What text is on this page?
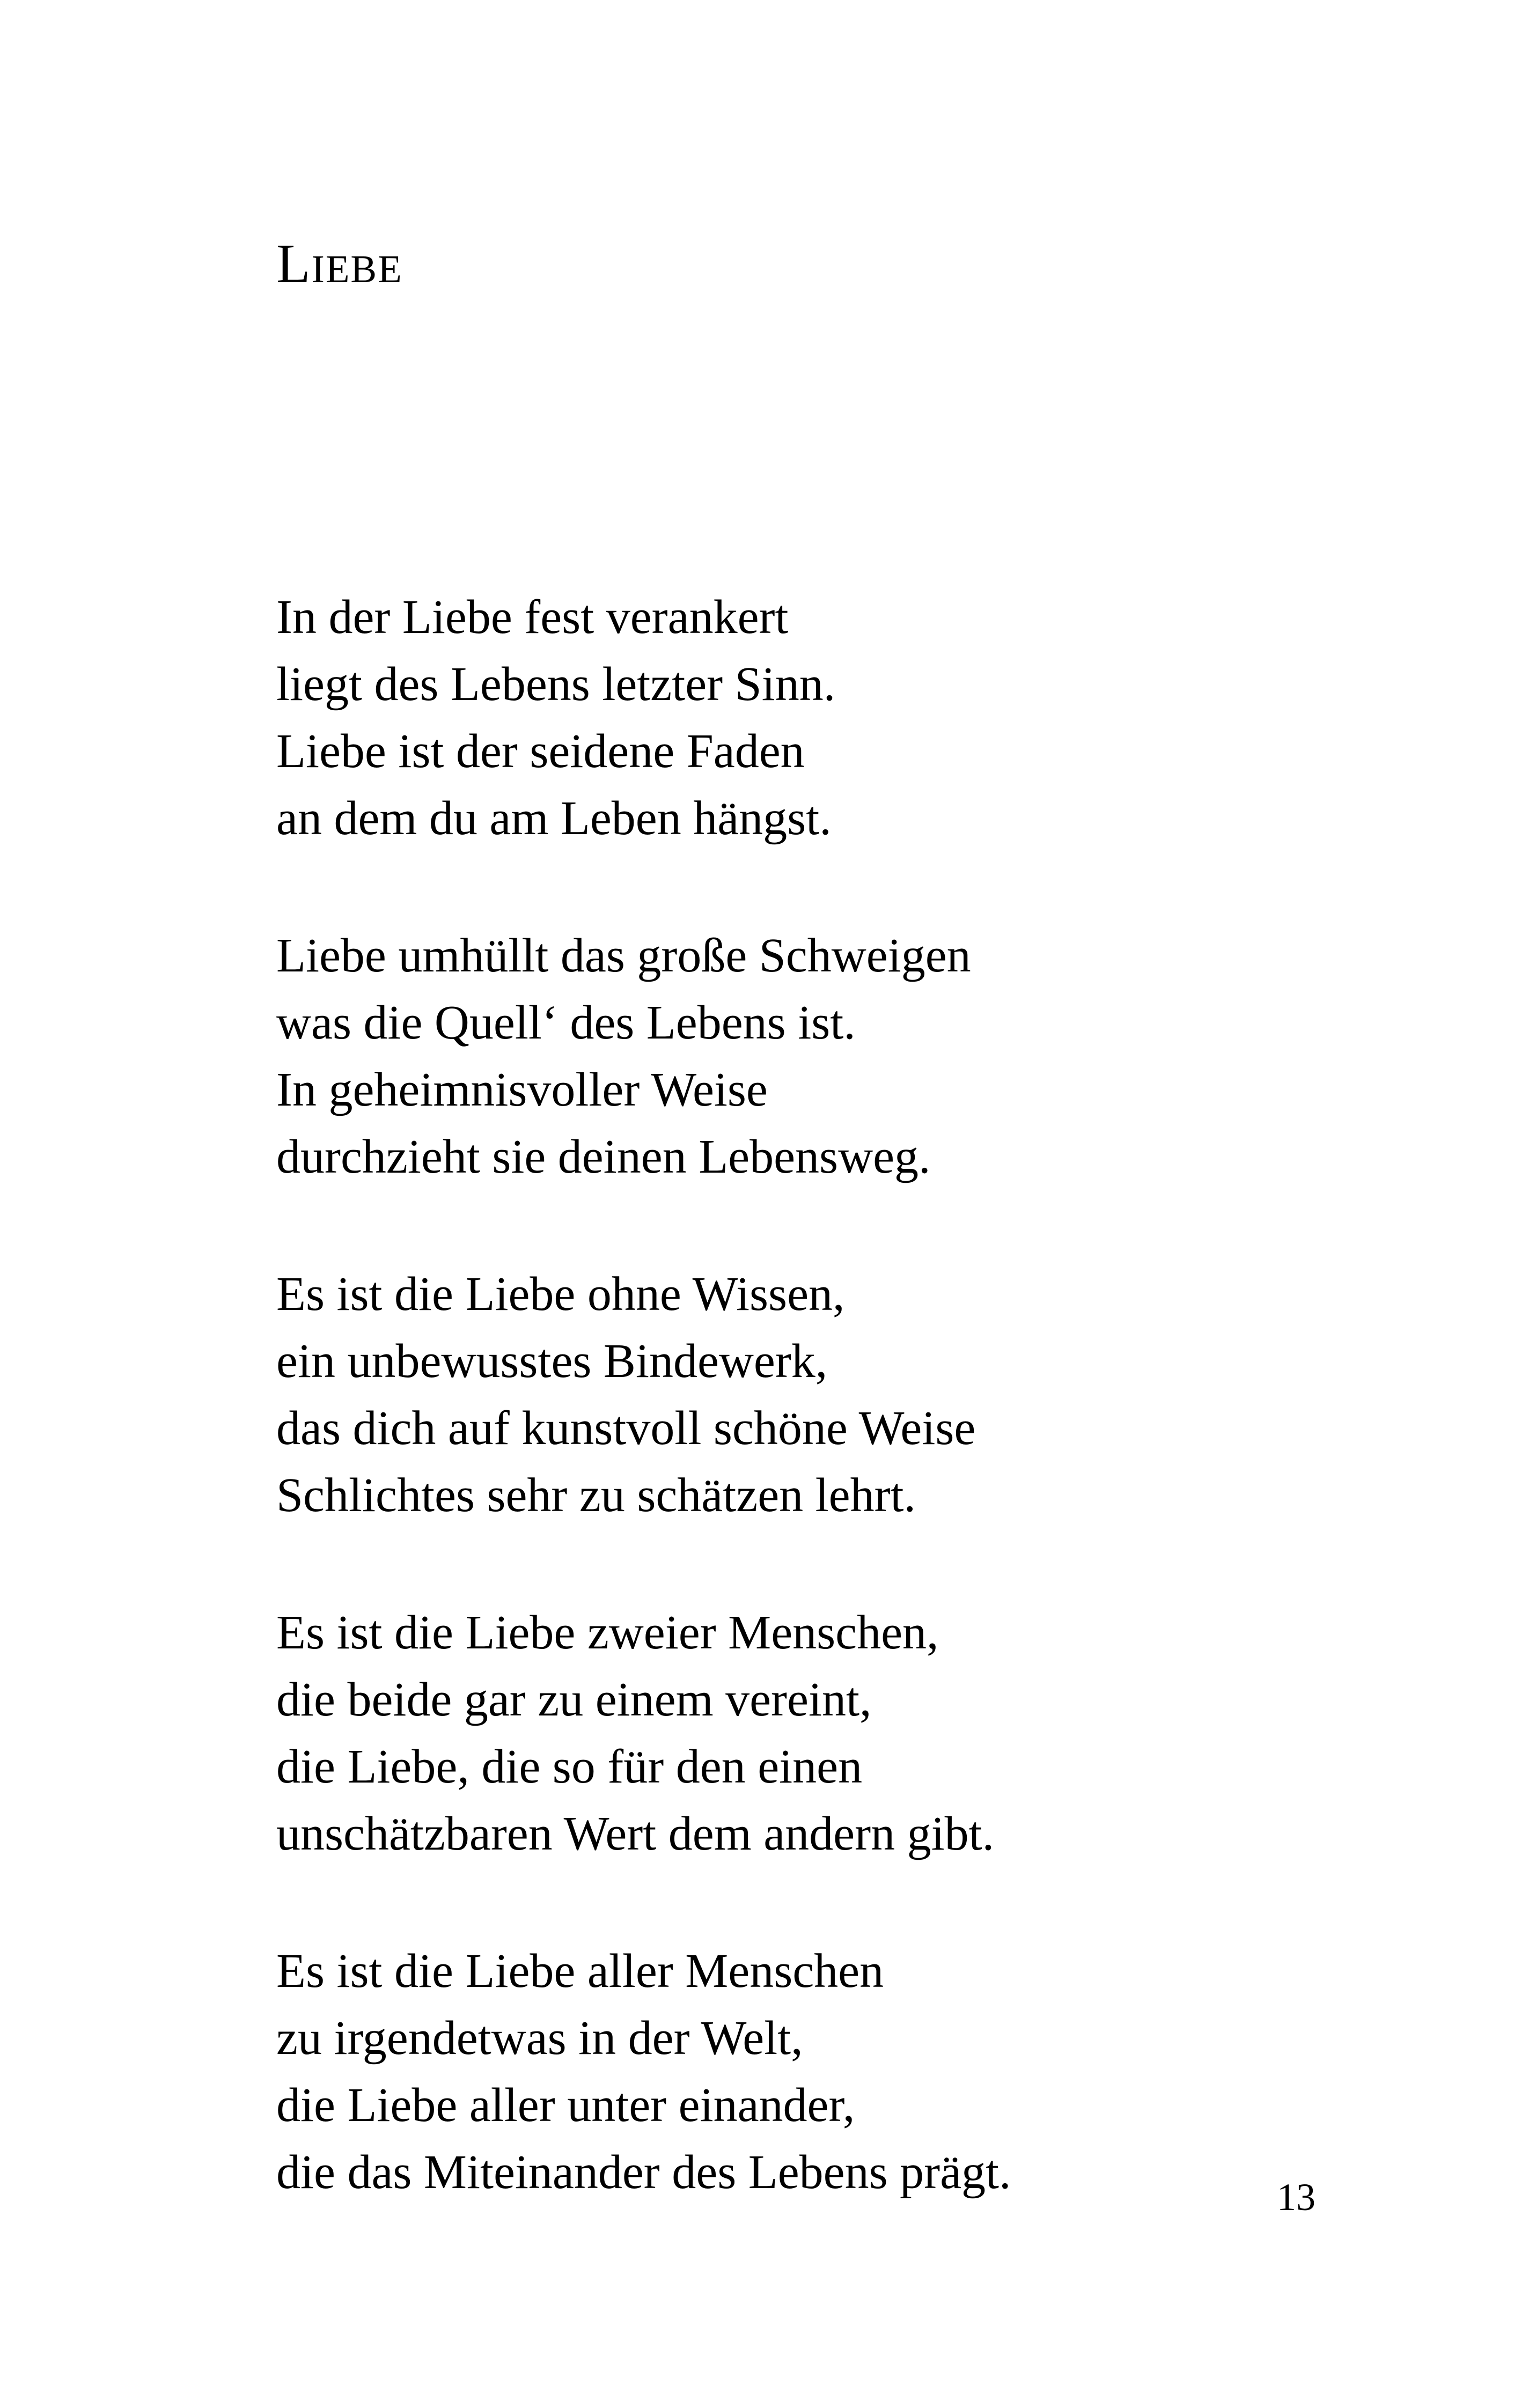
Liebe
In der Liebe fest verankert
liegt des Lebens letzter Sinn.
Liebe ist der seidene Faden
an dem du am Leben hängst.
Liebe umhüllt das große Schweigen
was die Quell‘ des Lebens ist.
In geheimnisvoller Weise
durchzieht sie deinen Lebensweg.
Es ist die Liebe ohne Wissen,
ein unbewusstes Bindewerk,
das dich auf kunstvoll schöne Weise
Schlichtes sehr zu schätzen lehrt.
Es ist die Liebe zweier Menschen,
die beide gar zu einem vereint,
die Liebe, die so für den einen
unschätzbaren Wert dem andern gibt.
Es ist die Liebe aller Menschen
zu irgendetwas in der Welt,
die Liebe aller unter einander,
die das Miteinander des Lebens prägt.	13
